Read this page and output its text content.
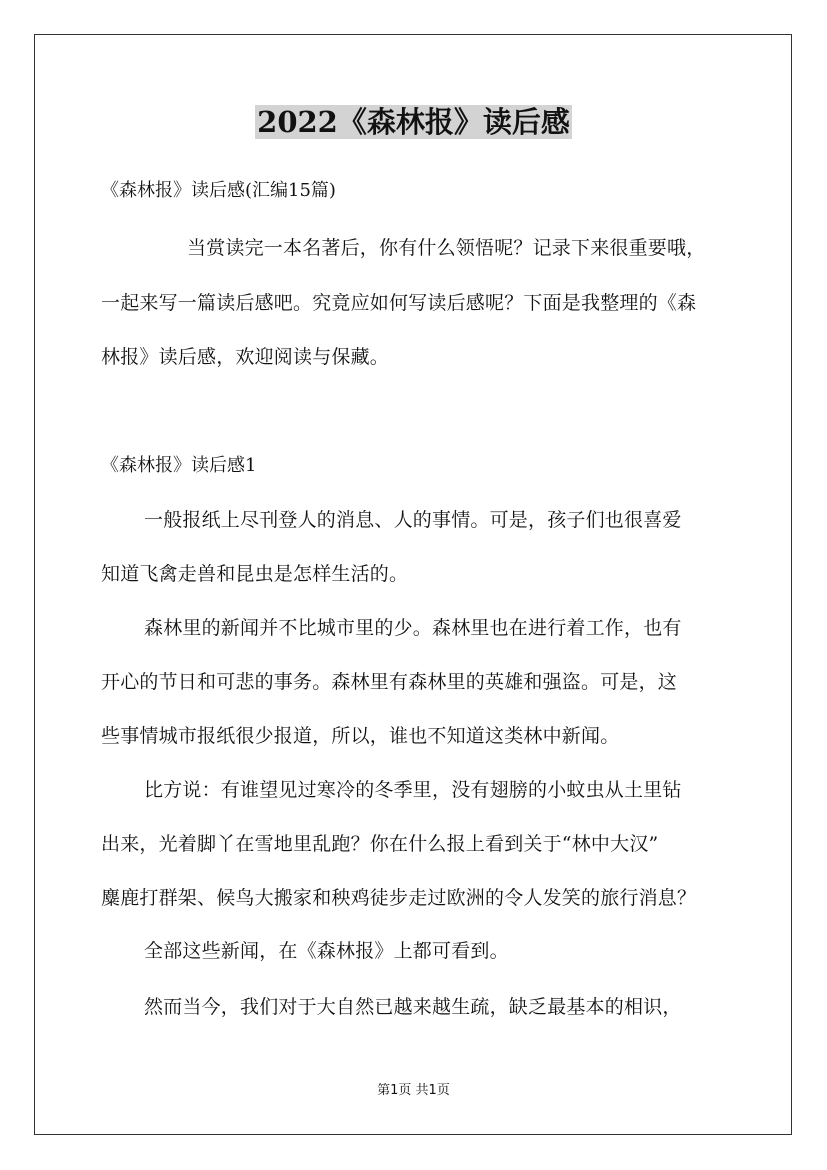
2022《森林报》读后感
《森林报》读后感(汇编15篇)
当赏读完一本名著后，你有什么领悟呢？记录下来很重要哦，
一起来写一篇读后感吧。究竟应如何写读后感呢？下面是我整理的《森
林报》读后感，欢迎阅读与保藏。
《森林报》读后感1
一般报纸上尽刊登人的消息、人的事情。可是，孩子们也很喜爱
知道飞禽走兽和昆虫是怎样生活的。
森林里的新闻并不比城市里的少。森林里也在进行着工作，也有
开心的节日和可悲的事务。森林里有森林里的英雄和强盗。可是，这
些事情城市报纸很少报道，所以，谁也不知道这类林中新闻。
比方说：有谁望见过寒冷的冬季里，没有翅膀的小蚊虫从土里钻
出来，光着脚丫在雪地里乱跑？你在什么报上看到关于“林中大汉”
麋鹿打群架、候鸟大搬家和秧鸡徒步走过欧洲的令人发笑的旅行消息？
全部这些新闻，在《森林报》上都可看到。
然而当今，我们对于大自然已越来越生疏，缺乏最基本的相识，
第1页 共1页
